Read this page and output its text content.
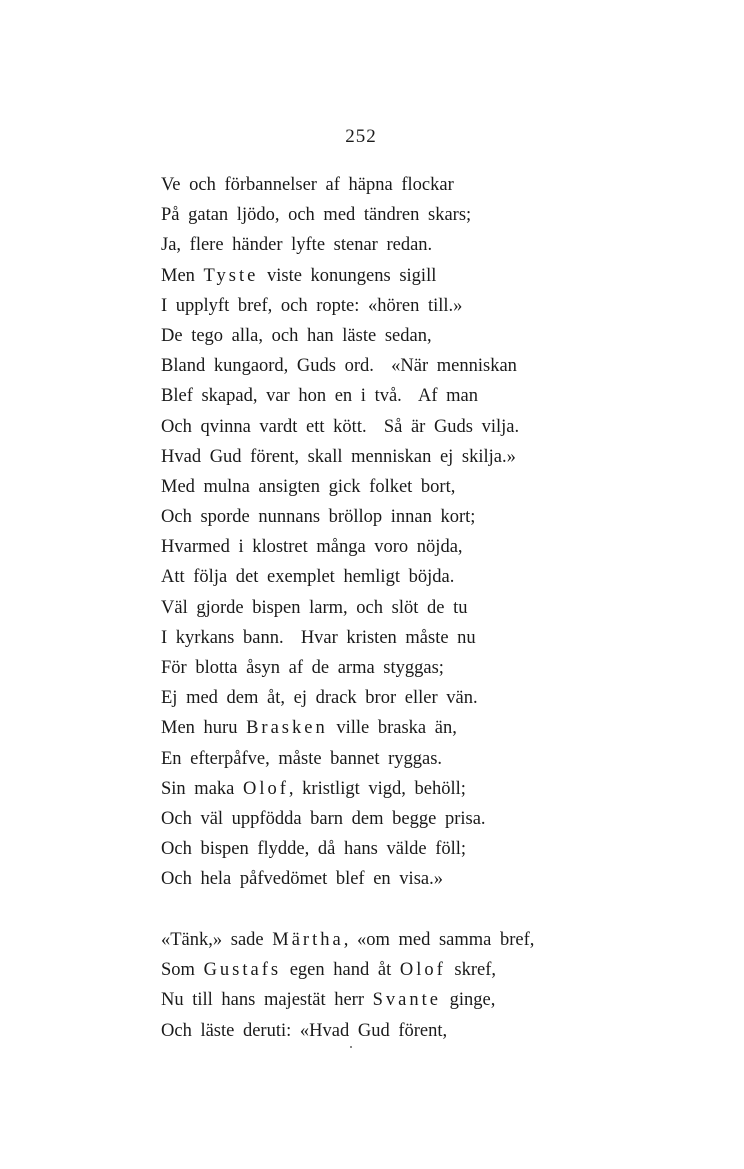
252
Ve och förbannelser af häpna flockar
På gatan ljödo, och med tändren skars;
Ja, flere händer lyfte stenar redan.
Men Tyste viste konungens sigill
I upplyft bref, och ropte: «hören till.»
De tego alla, och han läste sedan,
Bland kungaord, Guds ord.  «När menniskan
Blef skapad, var hon en i två.  Af man
Och qvinna vardt ett kött.  Så är Guds vilja.
Hvad Gud förent, skall menniskan ej skilja.»
Med mulna ansigten gick folket bort,
Och sporde nunnans bröllop innan kort;
Hvarmed i klostret många voro nöjda,
Att följa det exemplet hemligt böjda.
Väl gjorde bispen larm, och slöt de tu
I kyrkans bann.  Hvar kristen måste nu
För blotta åsyn af de arma styggas;
Ej med dem åt, ej drack bror eller vän.
Men huru Brasken ville braska än,
En efterpåfve, måste bannet ryggas.
Sin maka Olof, kristligt vigd, behöll;
Och väl uppfödda barn dem begge prisa.
Och bispen flydde, då hans välde föll;
Och hela påfvedömet blef en visa.»
«Tänk,» sade Märtha, «om med samma bref,
Som Gustafs egen hand åt Olof skref,
Nu till hans majestät herr Svante ginge,
Och läste deruti: «Hvad Gud förent,
